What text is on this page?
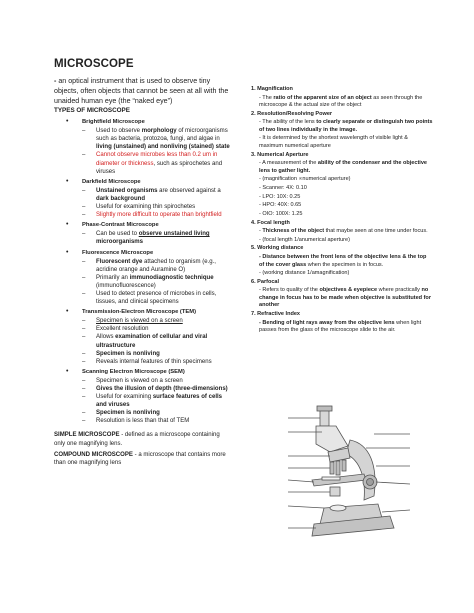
MICROSCOPE

- an optical instrument that is used to observe tiny objects, often objects that cannot be seen at all with the unaided human eye (the “naked eye”)

TYPES OF MICROSCOPE
• Brightfield Microscope
– Used to observe morphology of microorganisms such as bacteria, protozoa, fungi, and algae in living (unstained) and nonliving (stained) state
– Cannot observe microbes less than 0.2 um in diameter or thickness, such as spirochetes and viruses
• Darkfield Microscope
– Unstained organisms are observed against a dark background
– Useful for examining thin spirochetes
– Slightly more difficult to operate than brightfield
• Phase-Contrast Microscope
– Can be used to observe unstained living microorganisms
• Fluorescence Microscope
– Fluorescent dye attached to organism (e.g., acridine orange and Auramine O)
– Primarily an immunodiagnostic technique (immunofluorescence)
– Used to detect presence of microbes in cells, tissues, and clinical specimens
• Transmission-Electron Microscope (TEM)
– Specimen is viewed on a screen
– Excellent resolution
– Allows examination of cellular and viral ultrastructure
– Specimen is nonliving
– Reveals internal features of thin specimens
• Scanning Electron Microscope (SEM)
– Specimen is viewed on a screen
– Gives the illusion of depth (three-dimensions)
– Useful for examining surface features of cells and viruses
– Specimen is nonliving
– Resolution is less than that of TEM

SIMPLE MICROSCOPE - defined as a microscope containing only one magnifying lens.

COMPOUND MICROSCOPE - a microscope that contains more than one magnifying lens

1. Magnification

- The ratio of the apparent size of an object as seen through the microscope & the actual size of the object

2. Resolution/Resolving Power

- The ability of the lens to clearly separate or distinguish two points of two lines individually in the image.

- It is determined by the shortest wavelength of visible light & maximum numerical aperture

3. Numerical Aperture

- A measurement of the ability of the condenser and the objective lens to gather light.

- (magnification ∝numerical aperture)

- Scanner: 4X: 0.10

- LPO: 10X: 0.25

- HPO: 40X: 0.65

- OIO: 100X: 1.25

4. Focal length

- Thickness of the object that maybe seen at one time under focus.

- (focal length 1/anumerical aperture)

5. Working distance

- Distance between the front lens of the objective lens & the top of the cover glass when the specimen is in focus.

- (working distance 1/amagnification)

6. Parfocal

- Refers to quality of the objectives & eyepiece where practically no change in focus has to be made when objective is substituted for another

7. Refractive Index

- Bending of light rays away from the objective lens when light passes from the glass of the microscope slide to the air.
